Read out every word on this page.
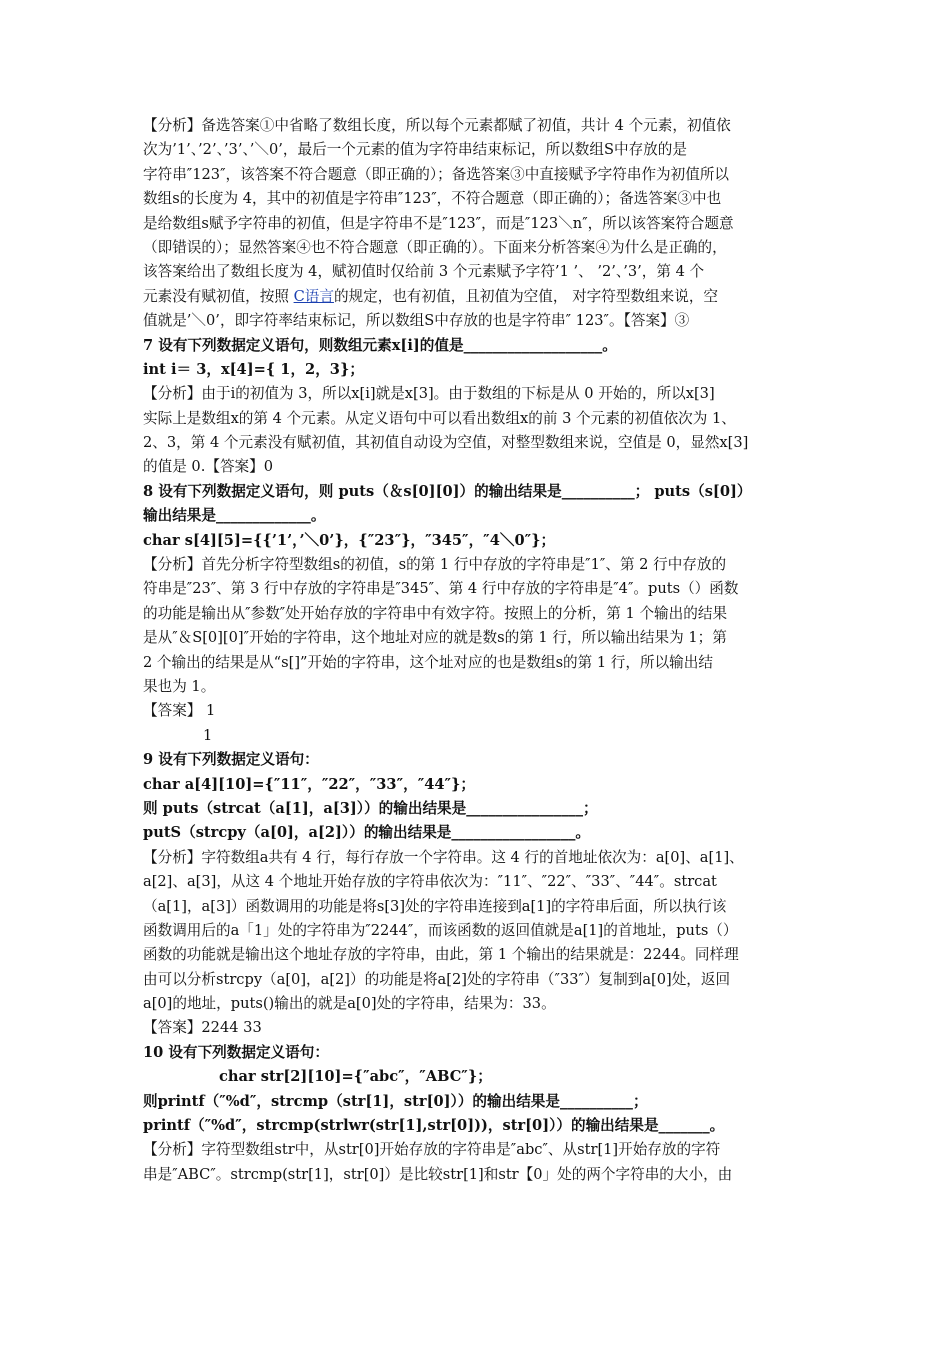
【分析】备选答案①中省略了数组长度，所以每个元素都赋了初值，共计 4 个元素，初值依
次为’1’、’2’、’3’、’＼0’，最后一个元素的值为字符串结束标记，所以数组S中存放的是
字符串″123″，该答案不符合题意（即正确的）；备选答案③中直接赋予字符串作为初值所以
数组s的长度为 4，其中的初值是字符串″123″，不符合题意（即正确的）；备选答案③中也
是给数组s赋予字符串的初值，但是字符串不是″123″，而是″123＼n″，所以该答案符合题意
（即错误的）；显然答案④也不符合题意（即正确的）。下面来分析答案④为什么是正确的，
该答案给出了数组长度为 4，赋初值时仅给前 3 个元素赋予字符’1 ’、 ’2’、’3’，第 4 个
元素没有赋初值，按照 C语言的规定，也有初值，且初值为空值， 对字符型数组来说，空
值就是’＼0’，即字符率结束标记，所以数组S中存放的也是字符串″ 123″。【答案】③
7 设有下列数据定义语句，则数组元素x[i]的值是___________________。
int i＝ 3，x[4]={ 1，2，3}；
【分析】由于i的初值为 3，所以x[i]就是x[3]。由于数组的下标是从 0 开始的，所以x[3]
实际上是数组x的第 4 个元素。从定义语句中可以看出数组x的前 3 个元素的初值依次为 1、
2、3，第 4 个元素没有赋初值，其初值自动设为空值，对整型数组来说，空值是 0，显然x[3]
的值是 0.【答案】0
8 设有下列数据定义语句，则 puts（＆s[0][0]）的输出结果是__________； puts（s[0]）
输出结果是_____________。
char s[4][5]={{’1’，’＼0’}，{″23″}，″345″，″4＼0″}；
【分析】首先分析字符型数组s的初值，s的第 1 行中存放的字符串是″1″、第 2 行中存放的
符串是″23″、第 3 行中存放的字符串是″345″、第 4 行中存放的字符串是″4″。puts（）函数
的功能是输出从″参数″处开始存放的字符串中有效字符。按照上的分析，第 1 个输出的结果
是从″＆S[0][0]″开始的字符串，这个地址对应的就是数s的第 1 行，所以输出结果为 1；第
2 个输出的结果是从“s[]”开始的字符串，这个址对应的也是数组s的第 1 行，所以输出结
果也为 1。
【答案】 1
1
9 设有下列数据定义语句：
char a[4][10]={″11″，″22″，″33″，″44″}；
则 puts（strcat（a[1]，a[3]））的输出结果是________________；
putS（strcpy（a[0]，a[2]））的输出结果是_________________。
【分析】字符数组a共有 4 行，每行存放一个字符串。这 4 行的首地址依次为：a[0]、a[1]、
a[2]、a[3]，从这 4 个地址开始存放的字符串依次为：″11″、″22″、″33″、″44″。strcat
（a[1]，a[3]）函数调用的功能是将s[3]处的字符串连接到a[1]的字符串后面，所以执行该
函数调用后的a「1」处的字符串为″2244″，而该函数的返回值就是a[1]的首地址，puts（）
函数的功能就是输出这个地址存放的字符串，由此，第 1 个输出的结果就是：2244。同样理
由可以分析strcpy（a[0]，a[2]）的功能是将a[2]处的字符串（″33″）复制到a[0]处，返回
a[0]的地址，puts()输出的就是a[0]处的字符串，结果为：33。
【答案】2244 33
10 设有下列数据定义语句：
char str[2][10]={″abc″，″ABC″}；
则printf（″%d″，strcmp（str[1]，str[0]））的输出结果是__________；
printf（″%d″，strcmp(strlwr(str[1],str[0]))，str[0]））的输出结果是_______。
【分析】字符型数组str中，从str[0]开始存放的字符串是″abc″、从str[1]开始存放的字符
串是″ABC″。strcmp(str[1]，str[0]）是比较str[1]和str【0」处的两个字符串的大小，由
